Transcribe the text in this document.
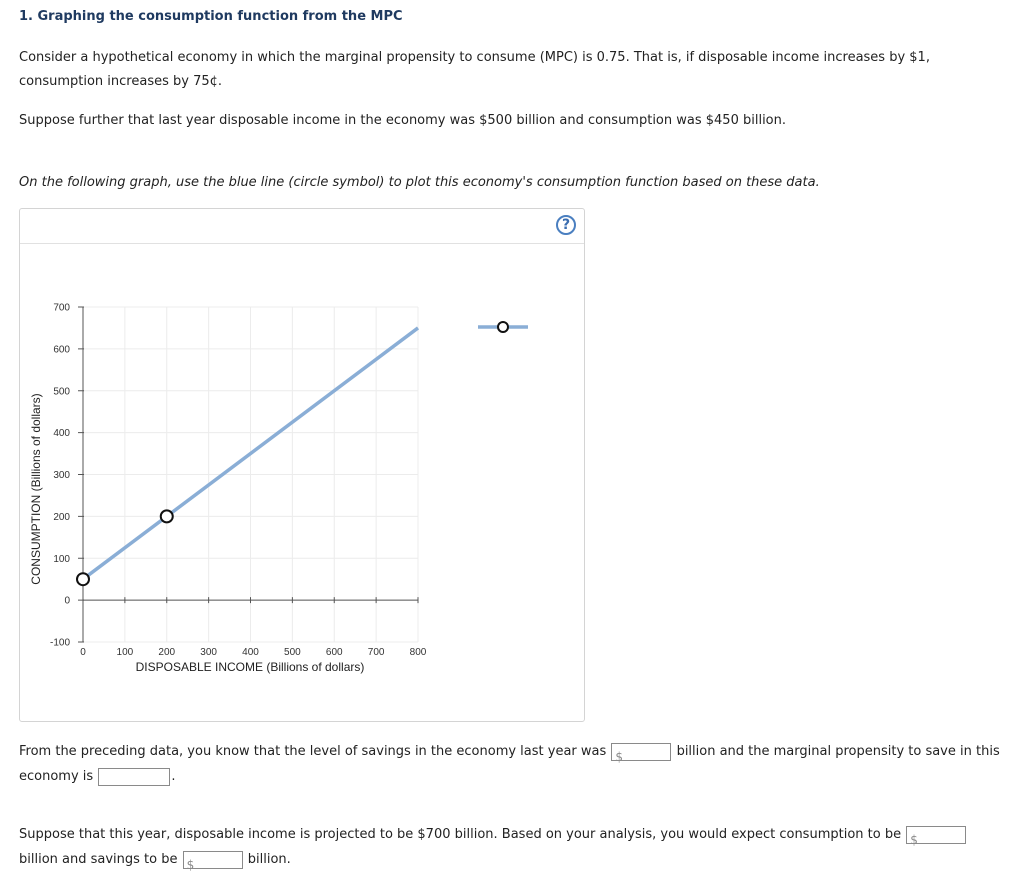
1. Graphing the consumption function from the MPC
Consider a hypothetical economy in which the marginal propensity to consume (MPC) is 0.75. That is, if disposable income increases by $1,
consumption increases by 75¢.
Suppose further that last year disposable income in the economy was $500 billion and consumption was $450 billion.
On the following graph, use the blue line (circle symbol) to plot this economy's consumption function based on these data.
?
-100
0
100
200
300
400
500
600
700
0	100	200	300	400	500	600	700	800
DISPOSABLE INCOME (Billions of dollars)
CONSUMPTION (Billions of dollars)
From the preceding data, you know that the level of savings in the economy last year was $	billion and the marginal propensity to save in this
economy is	.
Suppose that this year, disposable income is projected to be $700 billion. Based on your analysis, you would expect consumption to be $

billion and savings to be $	billion.
